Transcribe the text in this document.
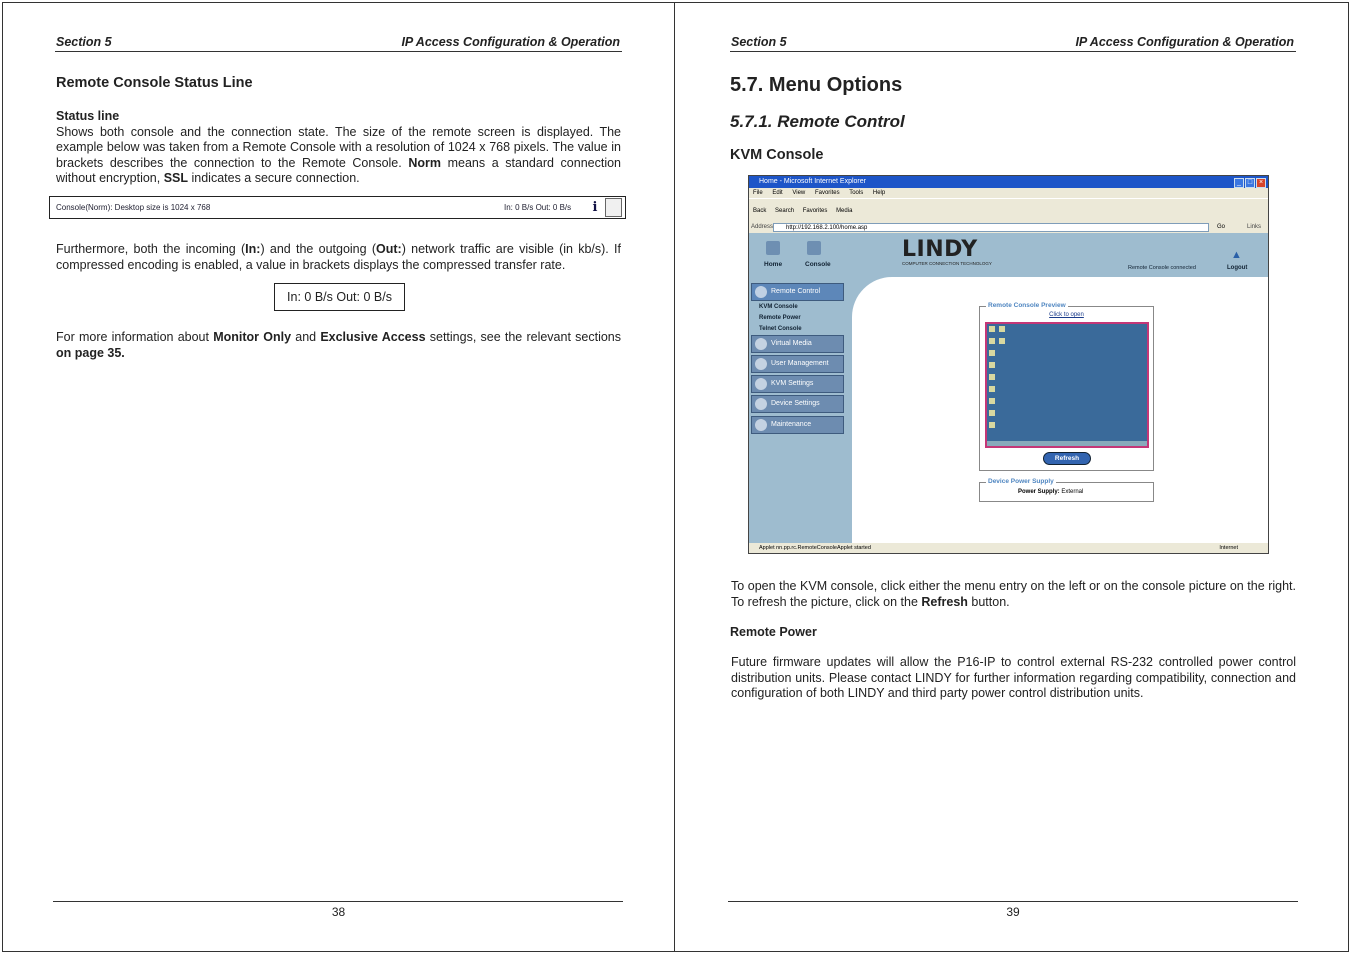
Section 5	IP Access Configuration & Operation
Remote Console Status Line
Status line
Shows both console and the connection state. The size of the remote screen is displayed. The example below was taken from a Remote Console with a resolution of 1024 x 768 pixels. The value in brackets describes the connection to the Remote Console. Norm means a standard connection without encryption, SSL indicates a secure connection.
Console(Norm): Desktop size is 1024 x 768	In: 0 B/s Out: 0 B/s i
Furthermore, both the incoming (In:) and the outgoing (Out:) network traffic are visible (in kb/s). If compressed encoding is enabled, a value in brackets displays the compressed transfer rate.
In: 0 B/s Out: 0 B/s
For more information about Monitor Only and Exclusive Access settings, see the relevant sections on page 35.
38
Section 5	IP Access Configuration & Operation
5.7. Menu Options
5.7.1. Remote Control
KVM Console
Home - Microsoft Internet Explorer	_ □ ×
File Edit View Favorites Tools Help
Back Search Favorites Media
Address	http://192.168.2.100/home.asp	Go	Links
Home	Console
LINDY
COMPUTER CONNECTION TECHNOLOGY
Remote Console connected
▲	Logout
Remote Control
KVM Console
Remote Power
Telnet Console
Virtual Media
User Management
KVM Settings
Device Settings
Maintenance
Remote Console Preview
Click to open
Refresh
Device Power Supply
Power Supply: External
Applet nn.pp.rc.RemoteConsoleApplet started	Internet
To open the KVM console, click either the menu entry on the left or on the console picture on the right. To refresh the picture, click on the Refresh button.
Remote Power
Future firmware updates will allow the P16-IP to control external RS-232 controlled power control distribution units. Please contact LINDY for further information regarding compatibility, connection and configuration of both LINDY and third party power control distribution units.
39
